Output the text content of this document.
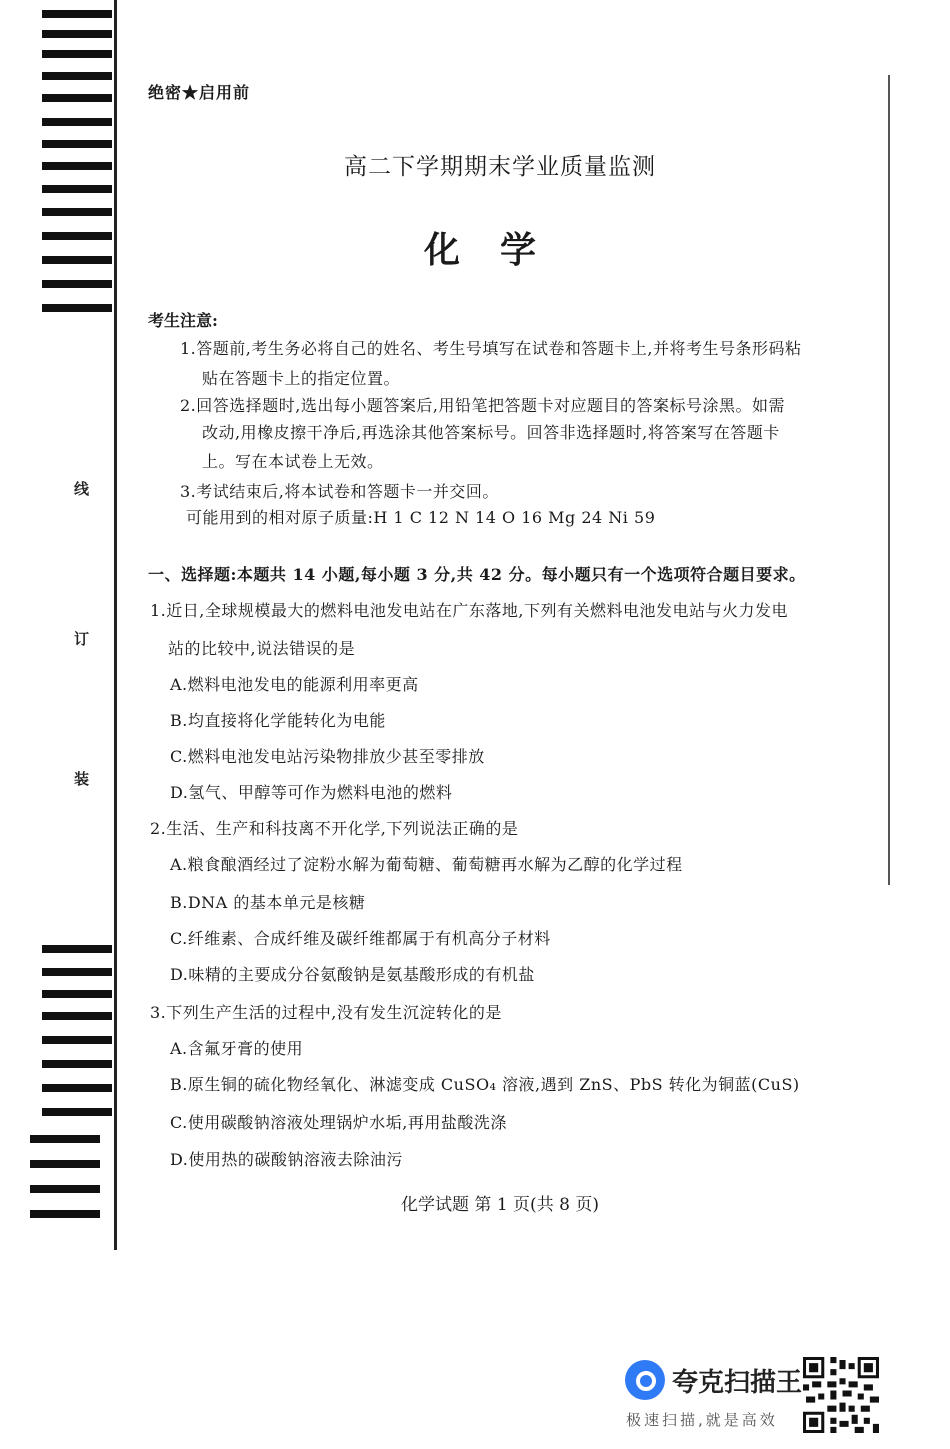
线
订
装
绝密★启用前
高二下学期期末学业质量监测
化学
考生注意:
1.答题前,考生务必将自己的姓名、考生号填写在试卷和答题卡上,并将考生号条形码粘
贴在答题卡上的指定位置。
2.回答选择题时,选出每小题答案后,用铅笔把答题卡对应题目的答案标号涂黑。如需
改动,用橡皮擦干净后,再选涂其他答案标号。回答非选择题时,将答案写在答题卡
上。写在本试卷上无效。
3.考试结束后,将本试卷和答题卡一并交回。
可能用到的相对原子质量:H 1 C 12 N 14 O 16 Mg 24 Ni 59
一、选择题:本题共 14 小题,每小题 3 分,共 42 分。每小题只有一个选项符合题目要求。
1.近日,全球规模最大的燃料电池发电站在广东落地,下列有关燃料电池发电站与火力发电
站的比较中,说法错误的是
A.燃料电池发电的能源利用率更高
B.均直接将化学能转化为电能
C.燃料电池发电站污染物排放少甚至零排放
D.氢气、甲醇等可作为燃料电池的燃料
2.生活、生产和科技离不开化学,下列说法正确的是
A.粮食酿酒经过了淀粉水解为葡萄糖、葡萄糖再水解为乙醇的化学过程
B.DNA 的基本单元是核糖
C.纤维素、合成纤维及碳纤维都属于有机高分子材料
D.味精的主要成分谷氨酸钠是氨基酸形成的有机盐
3.下列生产生活的过程中,没有发生沉淀转化的是
A.含氟牙膏的使用
B.原生铜的硫化物经氧化、淋滤变成 CuSO₄ 溶液,遇到 ZnS、PbS 转化为铜蓝(CuS)
C.使用碳酸钠溶液处理锅炉水垢,再用盐酸洗涤
D.使用热的碳酸钠溶液去除油污
化学试题 第 1 页(共 8 页)
夸克扫描王
极速扫描,就是高效
